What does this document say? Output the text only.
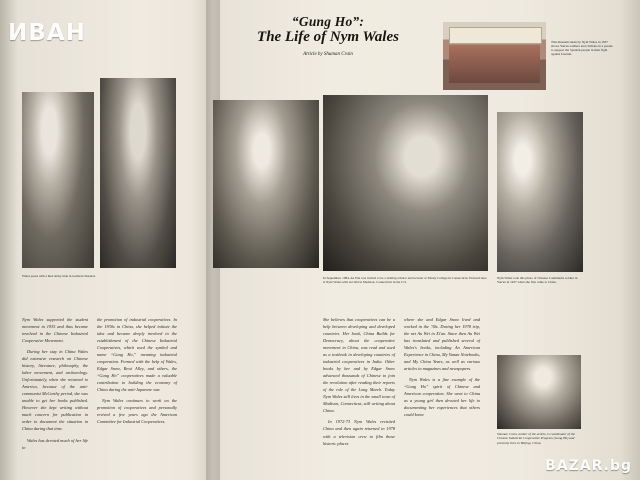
Wales poses with a Red Army man in northern Shaanxi.

Nym Wales supported the student movement in 1935 and thus became involved in the Chinese Industrial Cooperative Movement.

During her stay in China Wales did extensive research on Chinese history, literature, philosophy, the labor movement, and archaeology. Unfortunately, when she returned to America, because of the anti-communist McCarthy period, she was unable to get her books published. However she kept writing without much concern for publication in order to document the situation in China during that time.

Wales has devoted much of her life to

the promotion of industrial cooperatives. In the 1930s in China, she helped initiate the idea and became deeply involved in the establishment of the Chinese Industrial Cooperatives, which used the symbol and name “Gung Ho,” meaning industrial cooperation. Formed with the help of Wales, Edgar Snow, Rewi Alley, and others, the “Gung Ho” cooperatives made a valuable contribution to building the economy of China during the anti-Japanese war.

Nym Wales continues to work on the promotion of cooperatives and personally revived a few years ago the American Committee for Industrial Cooperatives.

“Gung Ho”:
The Life of Nym Wales
Article by Shuman Crain
This museum taken by Nym Wales in 1937 shows Yan'an soldiers and civilians in a parade to support the Spanish people in their fight against fascism.
In September, 1984, Au Wei was invited to be a visiting scholar and lecturer at Trinity College in Connecticut. Pictured here is Nym Wales with Au Wei in Madison, Connecticut in the U.S.
Nym Wales took this photo of Chinese Communist soldier in Yan'an in 1937 when she first came to China.

She believes that cooperatives can be a help between developing and developed countries. Her book, China Builds for Democracy, about the cooperative movement in China, was read and used as a textbook in developing countries of industrial cooperatives in India. Other books by her and by Edgar Snow advanced thousands of Chinese to join the revolution after reading their reports of the role of the Long March. Today Nym Wales still lives in the small town of Madison, Connecticut, still writing about China.

In 1972-73 Nym Wales revisited China and then again returned in 1978 with a television crew to film those historic places

where she and Edgar Snow lived and worked in the '30s. During her 1978 trip, the net Au Wei in Xi'an. Since then Au Wei has translated and published several of Wales's books, including An American Experience in China, My Yanan Notebooks, and My China Years, as well as various articles in magazines and newspapers.

Nym Wales is a fine example of the “Gung Ho” spirit of Chinese and American cooperation. She went to China as a young girl then devoted her life to documenting her experiences that others could know

Shuman Crain, author of the article, is coordinator of the Chinese Industrial Cooperative Program (Gung Ho) and presently lives in Beijing, China.
ИВАН
BAZAR.bg
